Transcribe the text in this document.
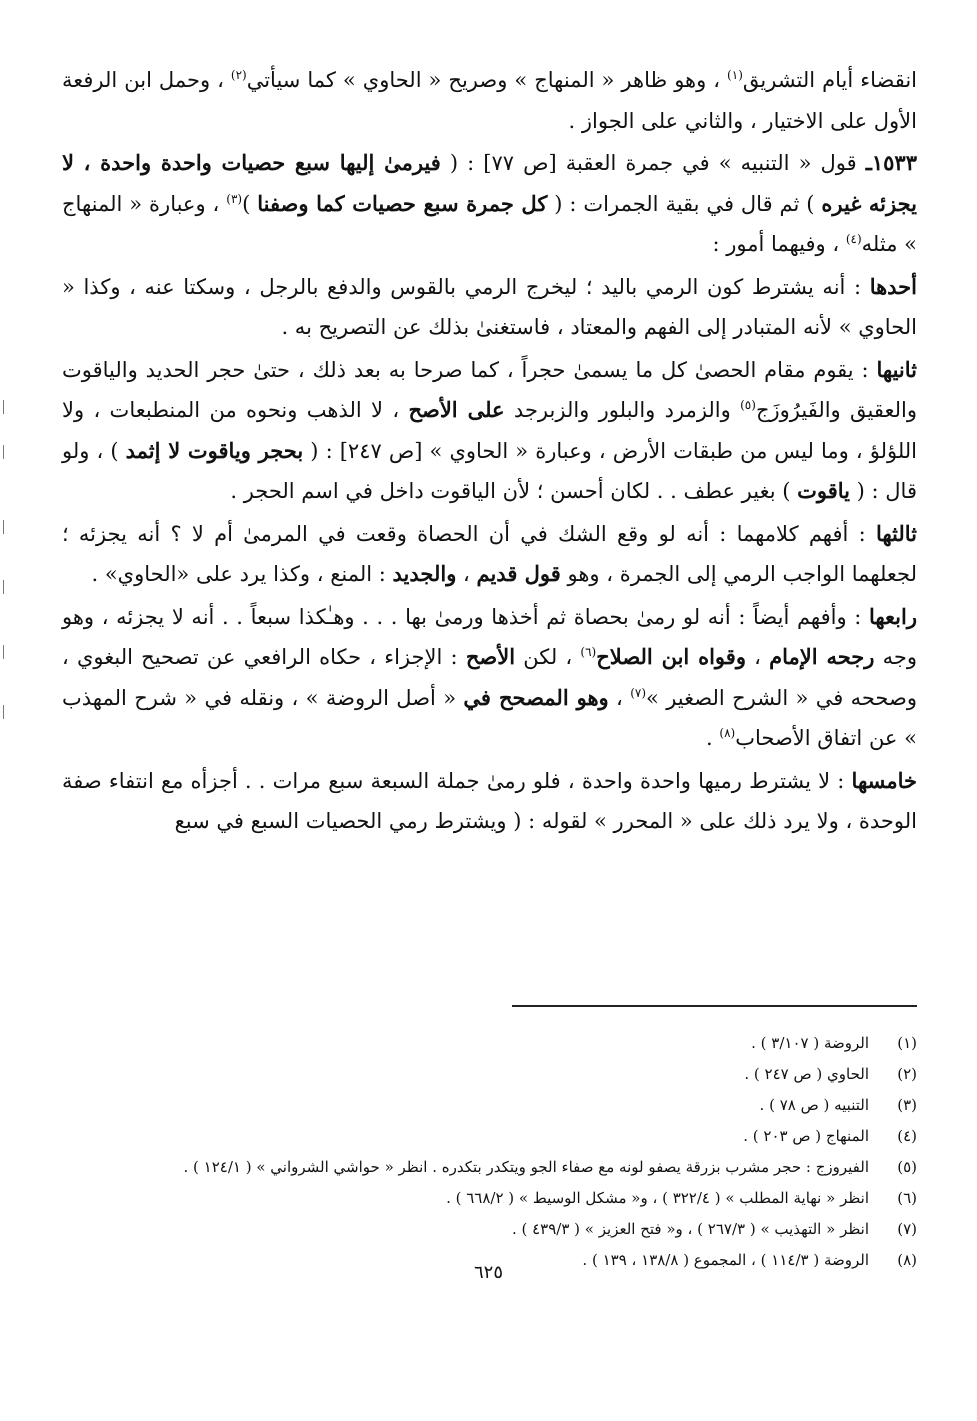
انقضاء أيام التشريق$^{(١)}$ ، وهو ظاهر « المنهاج » وصريح « الحاوي » كما سيأتي$^{(٢)}$ ، وحمل ابن الرفعة الأول على الاختيار ، والثاني على الجواز .

١٥٣٣ـ قول « التنبيه » في جمرة العقبة [ص ٧٧] : ( فيرمىٰ إليها سبع حصيات واحدة واحدة ، لا يجزئه غيره ) ثم قال في بقية الجمرات : ( كل جمرة سبع حصيات كما وصفنا )$^{(٣)}$ ، وعبارة « المنهاج » مثله$^{(٤)}$ ، وفيهما أمور :

أحدها : أنه يشترط كون الرمي باليد ؛ ليخرج الرمي بالقوس والدفع بالرجل ، وسكتا عنه ، وكذا « الحاوي » لأنه المتبادر إلى الفهم والمعتاد ، فاستغنىٰ بذلك عن التصريح به .

ثانيها : يقوم مقام الحصىٰ كل ما يسمىٰ حجراً ، كما صرحا به بعد ذلك ، حتىٰ حجر الحديد والياقوت والعقيق والفَيرُوزَج$^{(٥)}$ والزمرد والبلور والزبرجد على الأصح ، لا الذهب ونحوه من المنطبعات ، ولا اللؤلؤ ، وما ليس من طبقات الأرض ، وعبارة « الحاوي » [ص ٢٤٧] : ( بحجر وياقوت لا إثمد ) ، ولو قال : ( ياقوت ) بغير عطف . . لكان أحسن ؛ لأن الياقوت داخل في اسم الحجر .

ثالثها : أفهم كلامهما : أنه لو وقع الشك في أن الحصاة وقعت في المرمىٰ أم لا ؟ أنه يجزئه ؛ لجعلهما الواجب الرمي إلى الجمرة ، وهو قول قديم ، والجديد : المنع ، وكذا يرد على «الحاوي» .

رابعها : وأفهم أيضاً : أنه لو رمىٰ بحصاة ثم أخذها ورمىٰ بها . . . وهـٰكذا سبعاً . . أنه لا يجزئه ، وهو وجه رجحه الإمام ، وقواه ابن الصلاح$^{(٦)}$ ، لكن الأصح : الإجزاء ، حكاه الرافعي عن تصحيح البغوي ، وصححه في « الشرح الصغير »$^{(٧)}$ ، وهو المصحح في « أصل الروضة » ، ونقله في « شرح المهذب » عن اتفاق الأصحاب$^{(٨)}$ .

خامسها : لا يشترط رميها واحدة واحدة ، فلو رمىٰ جملة السبعة سبع مرات . . أجزأه مع انتفاء صفة الوحدة ، ولا يرد ذلك على « المحرر » لقوله : ( ويشترط رمي الحصيات السبع في سبع

(١)
الروضة ( ٣/١٠٧ ) .
(٢)
الحاوي ( ص ٢٤٧ ) .
(٣)
التنبيه ( ص ٧٨ ) .
(٤)
المنهاج ( ص ٢٠٣ ) .
(٥)
الفيروزج : حجر مشرب بزرقة يصفو لونه مع صفاء الجو ويتكدر بتكدره . انظر « حواشي الشرواني » ( ١٢٤/١ ) .
(٦)
انظر « نهاية المطلب » ( ٣٢٢/٤ ) ، و« مشكل الوسيط » ( ٦٦٨/٢ ) .
(٧)
انظر « التهذيب » ( ٢٦٧/٣ ) ، و« فتح العزيز » ( ٤٣٩/٣ ) .
(٨)
الروضة ( ١١٤/٣ ) ، المجموع ( ١٣٨/٨ ، ١٣٩ ) .
٦٢٥
